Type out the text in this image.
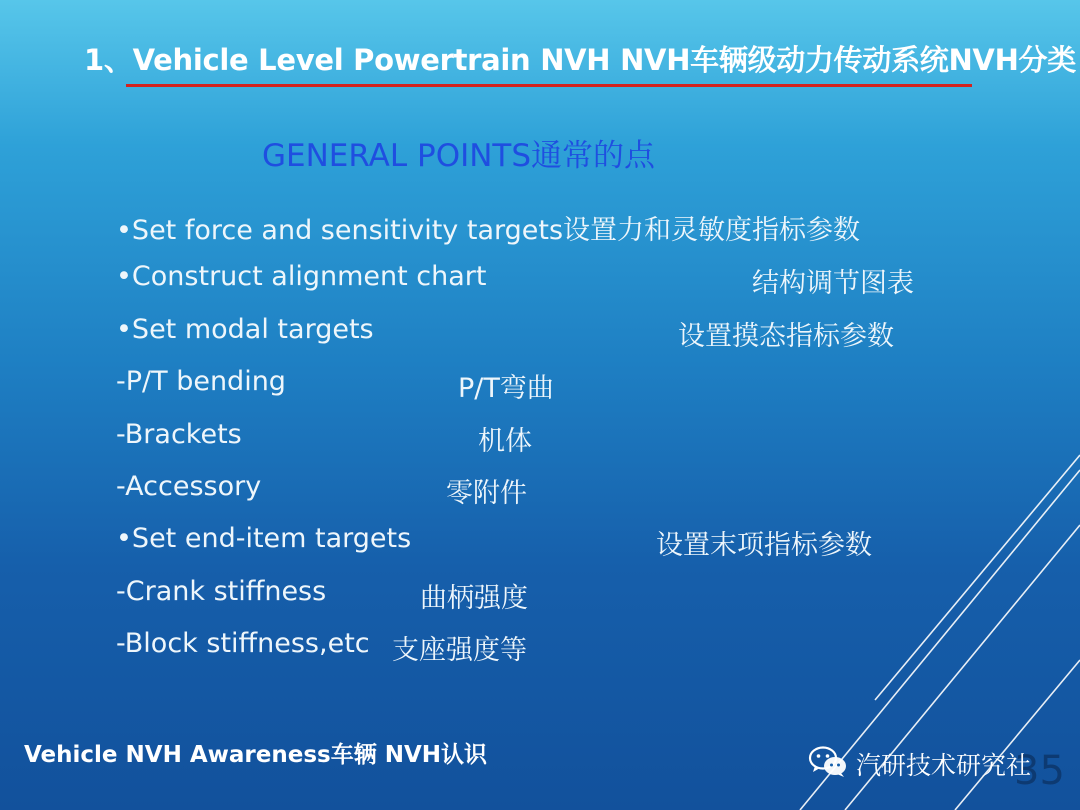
1、Vehicle Level Powertrain NVH NVH车辆级动力传动系统NVH分类
GENERAL POINTS通常的点
•Set force and sensitivity targets设置力和灵敏度指标参数
•Construct alignment chart	结构调节图表
•Set modal targets	设置摸态指标参数
-P/T bending	P/T弯曲
-Brackets	机体
-Accessory	零附件
•Set end-item targets	设置末项指标参数
-Crank stiffness	曲柄强度
-Block stiffness,etc 支座强度等
Vehicle NVH Awareness车辆 NVH认识	35
汽研技术研究社
